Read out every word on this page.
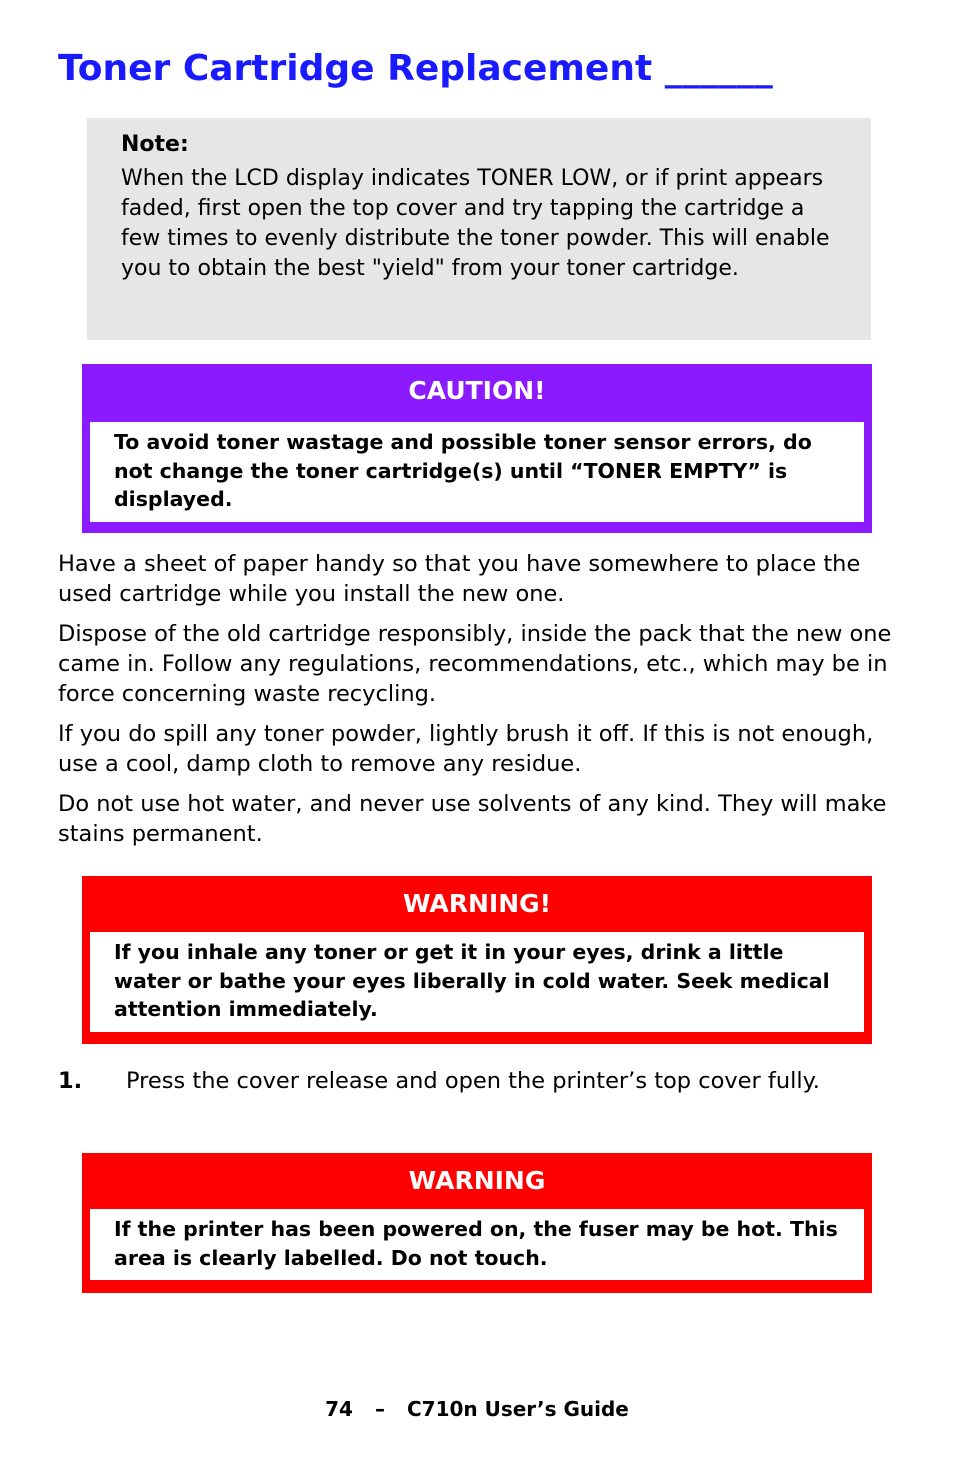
Toner Cartridge Replacement ______

Note:

When the LCD display indicates TONER LOW, or if print appears faded, first open the top cover and try tapping the cartridge a few times to evenly distribute the toner powder. This will enable you to obtain the best "yield" from your toner cartridge.

CAUTION!
To avoid toner wastage and possible toner sensor errors, do not change the toner cartridge(s) until “TONER EMPTY” is displayed.

Have a sheet of paper handy so that you have somewhere to place the used cartridge while you install the new one.

Dispose of the old cartridge responsibly, inside the pack that the new one came in. Follow any regulations, recommendations, etc., which may be in force concerning waste recycling.

If you do spill any toner powder, lightly brush it off. If this is not enough, use a cool, damp cloth to remove any residue.

Do not use hot water, and never use solvents of any kind. They will make stains permanent.

WARNING!
If you inhale any toner or get it in your eyes, drink a little water or bathe your eyes liberally in cold water. Seek medical attention immediately.
1. Press the cover release and open the printer’s top cover fully.

WARNING
If the printer has been powered on, the fuser may be hot. This area is clearly labelled. Do not touch.
74 – C710n User’s Guide
